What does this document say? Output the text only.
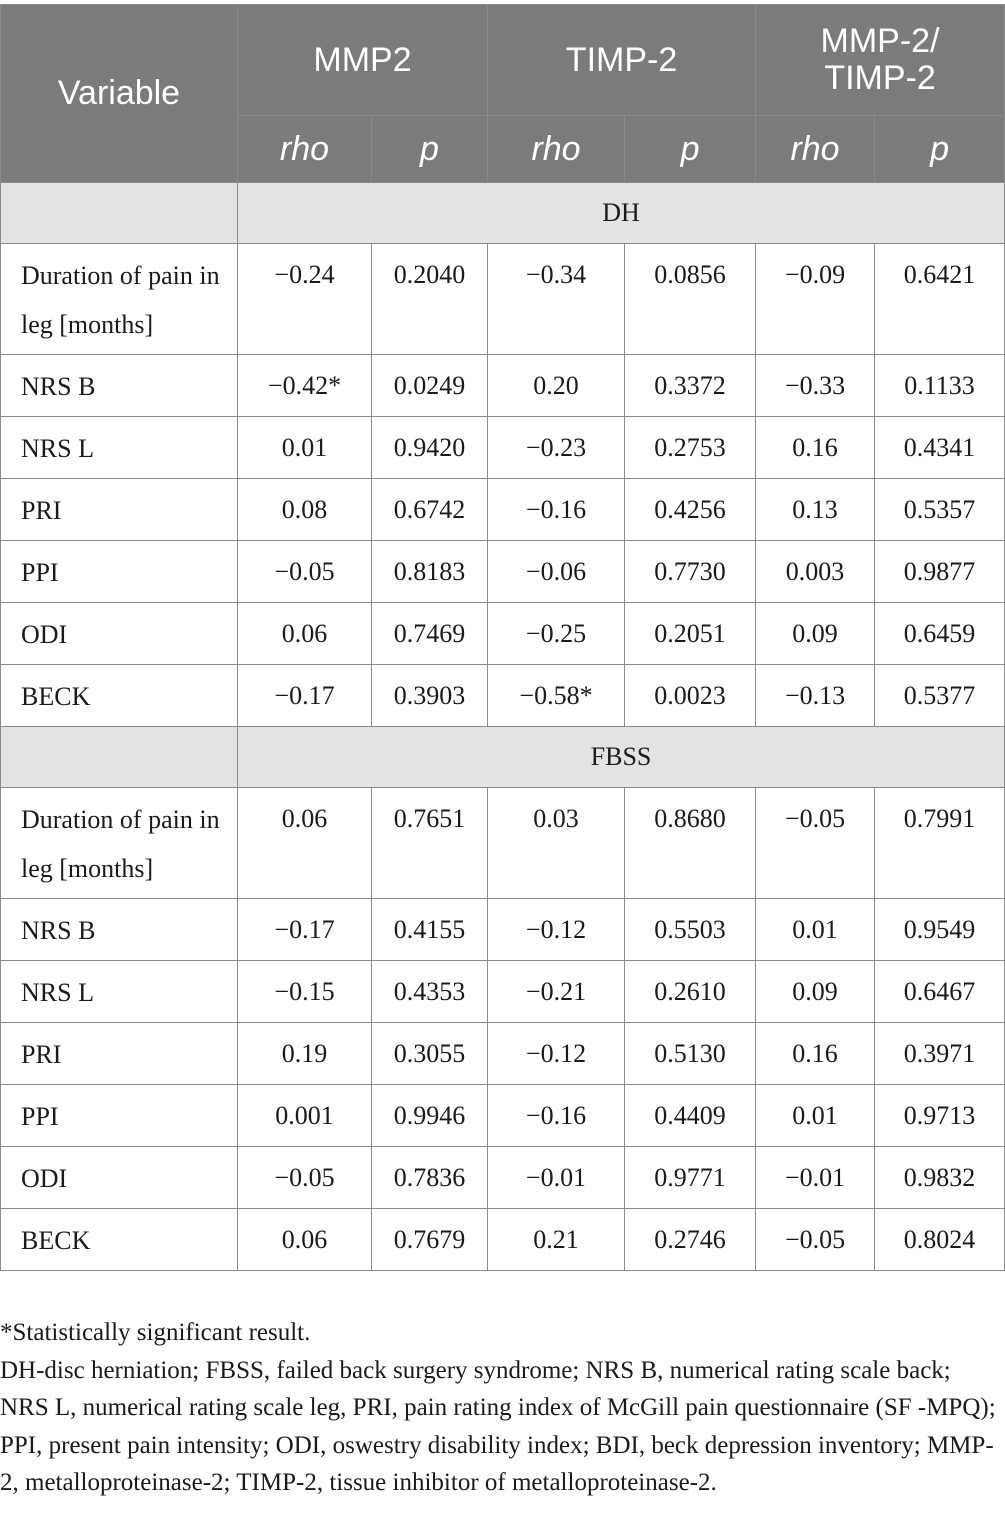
Variable	MMP2		TIMP-2		MMP-2/ TIMP-2	
	rho	p	rho	p	rho	p
	DH					
Duration of pain in leg [months]	−0.24	0.2040	−0.34	0.0856	−0.09	0.6421
NRS B	−0.42*	0.0249	0.20	0.3372	−0.33	0.1133
NRS L	0.01	0.9420	−0.23	0.2753	0.16	0.4341
PRI	0.08	0.6742	−0.16	0.4256	0.13	0.5357
PPI	−0.05	0.8183	−0.06	0.7730	0.003	0.9877
ODI	0.06	0.7469	−0.25	0.2051	0.09	0.6459
BECK	−0.17	0.3903	−0.58*	0.0023	−0.13	0.5377
	FBSS					
Duration of pain in leg [months]	0.06	0.7651	0.03	0.8680	−0.05	0.7991
NRS B	−0.17	0.4155	−0.12	0.5503	0.01	0.9549
NRS L	−0.15	0.4353	−0.21	0.2610	0.09	0.6467
PRI	0.19	0.3055	−0.12	0.5130	0.16	0.3971
PPI	0.001	0.9946	−0.16	0.4409	0.01	0.9713
ODI	−0.05	0.7836	−0.01	0.9771	−0.01	0.9832
BECK	0.06	0.7679	0.21	0.2746	−0.05	0.8024

*Statistically significant result.

DH-disc herniation; FBSS, failed back surgery syndrome; NRS B, numerical rating scale back; NRS L, numerical rating scale leg, PRI, pain rating index of McGill pain questionnaire (SF -MPQ); PPI, present pain intensity; ODI, oswestry disability index; BDI, beck depression inventory; MMP-2, metalloproteinase-2; TIMP-2, tissue inhibitor of metalloproteinase-2.
